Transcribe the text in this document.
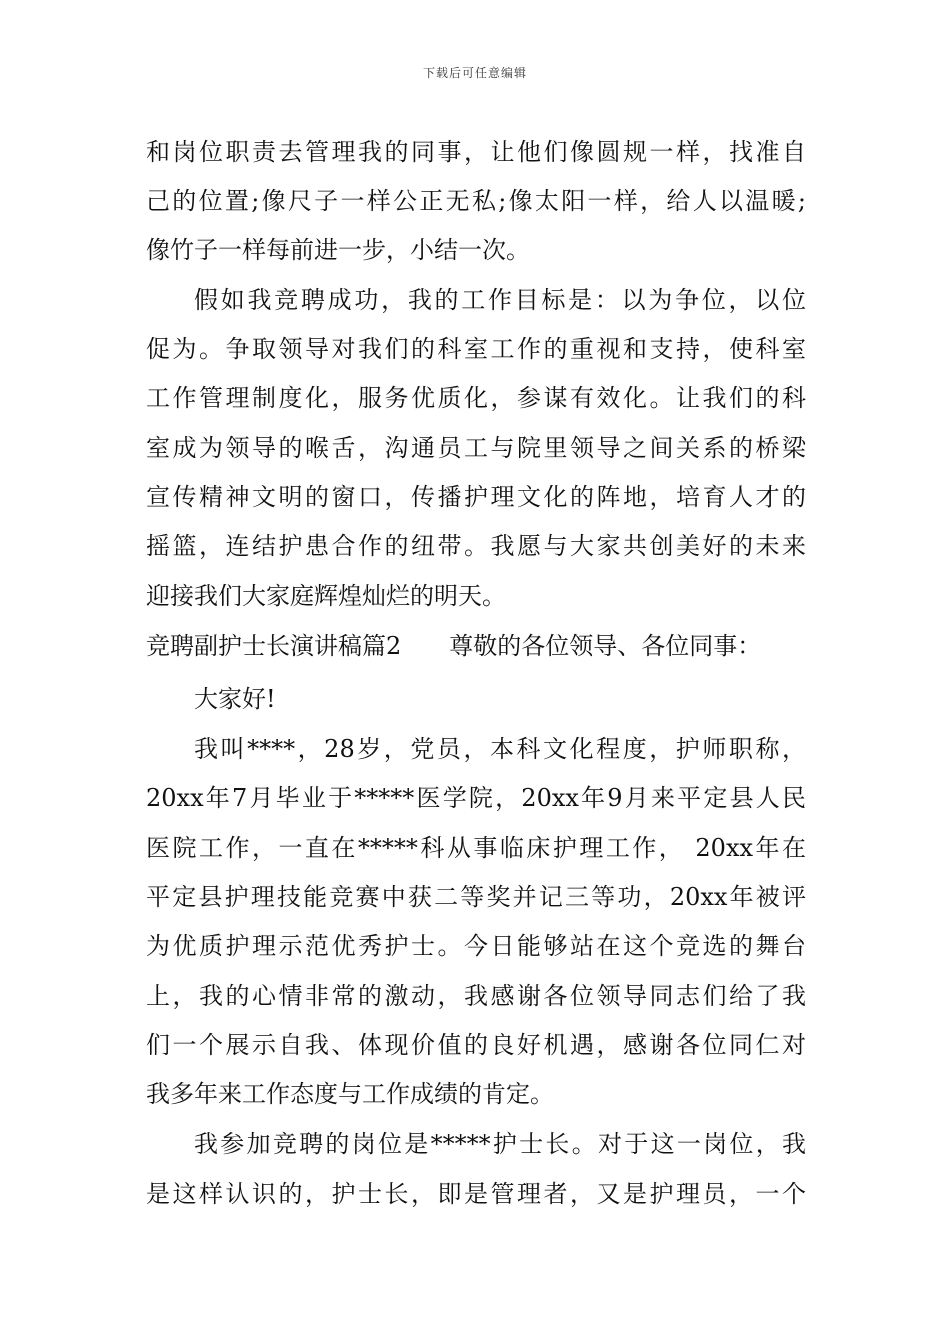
下载后可任意编辑
和岗位职责去管理我的同事，让他们像圆规一样，找准自
己的位置;像尺子一样公正无私;像太阳一样，给人以温暖;
像竹子一样每前进一步，小结一次。
假如我竞聘成功，我的工作目标是：以为争位，以位
促为。争取领导对我们的科室工作的重视和支持，使科室
工作管理制度化，服务优质化，参谋有效化。让我们的科
室成为领导的喉舌，沟通员工与院里领导之间关系的桥梁
宣传精神文明的窗口，传播护理文化的阵地，培育人才的
摇篮，连结护患合作的纽带。我愿与大家共创美好的未来
迎接我们大家庭辉煌灿烂的明天。
竞聘副护士长演讲稿篇2　　尊敬的各位领导、各位同事：
大家好!
我叫****，28岁，党员，本科文化程度，护师职称，
20xx年7月毕业于*****医学院，20xx年9月来平定县人民
医院工作，一直在*****科从事临床护理工作， 20xx年在
平定县护理技能竞赛中获二等奖并记三等功，20xx年被评
为优质护理示范优秀护士。今日能够站在这个竞选的舞台
上，我的心情非常的激动，我感谢各位领导同志们给了我
们一个展示自我、体现价值的良好机遇，感谢各位同仁对
我多年来工作态度与工作成绩的肯定。
我参加竞聘的岗位是*****护士长。对于这一岗位，我
是这样认识的，护士长，即是管理者，又是护理员，一个
